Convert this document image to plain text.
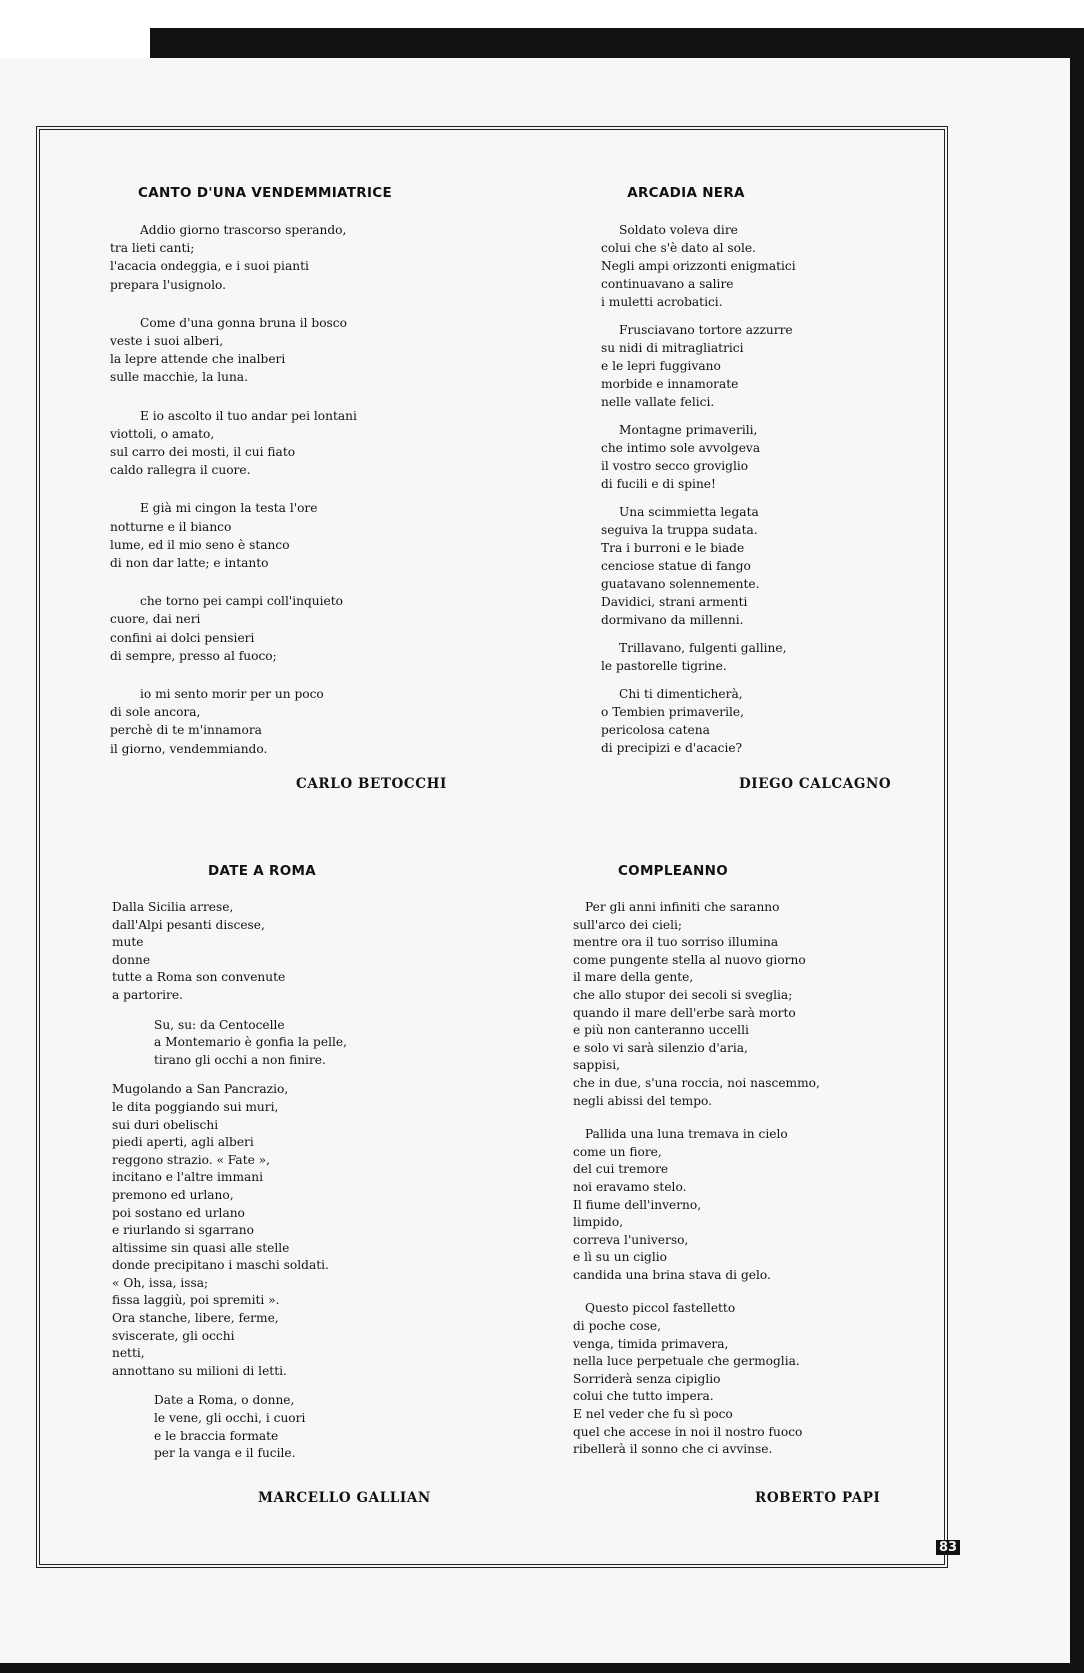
CANTO D'UNA VENDEMMIATRICE

Addio giorno trascorso sperando,
tra lieti canti;
l'acacia ondeggia, e i suoi pianti
prepara l'usignolo.

Come d'una gonna bruna il bosco
veste i suoi alberi,
la lepre attende che inalberi
sulle macchie, la luna.

E io ascolto il tuo andar pei lontani
viottoli, o amato,
sul carro dei mosti, il cui fiato
caldo rallegra il cuore.

E già mi cingon la testa l'ore
notturne e il bianco
lume, ed il mio seno è stanco
di non dar latte; e intanto

che torno pei campi coll'inquieto
cuore, dai neri
confini ai dolci pensieri
di sempre, presso al fuoco;

io mi sento morir per un poco
di sole ancora,
perchè di te m'innamora
il giorno, vendemmiando.

CARLO BETOCCHI
ARCADIA NERA

Soldato voleva dire
colui che s'è dato al sole.
Negli ampi orizzonti enigmatici
continuavano a salire
i muletti acrobatici.

Frusciavano tortore azzurre
su nidi di mitragliatrici
e le lepri fuggivano
morbide e innamorate
nelle vallate felici.

Montagne primaverili,
che intimo sole avvolgeva
il vostro secco groviglio
di fucili e di spine!

Una scimmietta legata
seguiva la truppa sudata.
Tra i burroni e le biade
cenciose statue di fango
guatavano solennemente.
Davidici, strani armenti
dormivano da millenni.

Trillavano, fulgenti galline,
le pastorelle tigrine.

Chi ti dimenticherà,
o Tembien primaverile,
pericolosa catena
di precipizi e d'acacie?

DIEGO CALCAGNO
DATE A ROMA

Dalla Sicilia arrese,
dall'Alpi pesanti discese,
mute
donne
tutte a Roma son convenute
a partorire.

Su, su: da Centocelle
a Montemario è gonfia la pelle,
tirano gli occhi a non finire.

Mugolando a San Pancrazio,
le dita poggiando sui muri,
sui duri obelischi
piedi aperti, agli alberi
reggono strazio. « Fate »,
incitano e l'altre immani
premono ed urlano,
poi sostano ed urlano
e riurlando si sgarrano
altissime sin quasi alle stelle
donde precipitano i maschi soldati.
« Oh, issa, issa;
fissa laggiù, poi spremiti ».
Ora stanche, libere, ferme,
sviscerate, gli occhi
netti,
annottano su milioni di letti.

Date a Roma, o donne,
le vene, gli occhi, i cuori
e le braccia formate
per la vanga e il fucile.

MARCELLO GALLIAN
COMPLEANNO

Per gli anni infiniti che saranno
sull'arco dei cieli;
mentre ora il tuo sorriso illumina
come pungente stella al nuovo giorno
il mare della gente,
che allo stupor dei secoli si sveglia;
quando il mare dell'erbe sarà morto
e più non canteranno uccelli
e solo vi sarà silenzio d'aria,
sappisi,
che in due, s'una roccia, noi nascemmo,
negli abissi del tempo.

Pallida una luna tremava in cielo
come un fiore,
del cui tremore
noi eravamo stelo.
Il fiume dell'inverno,
limpido,
correva l'universo,
e lì su un ciglio
candida una brina stava di gelo.

Questo piccol fastelletto
di poche cose,
venga, timida primavera,
nella luce perpetuale che germoglia.
Sorriderà senza cipiglio
colui che tutto impera.
E nel veder che fu sì poco
quel che accese in noi il nostro fuoco
ribellerà il sonno che ci avvinse.

ROBERTO PAPI
83
